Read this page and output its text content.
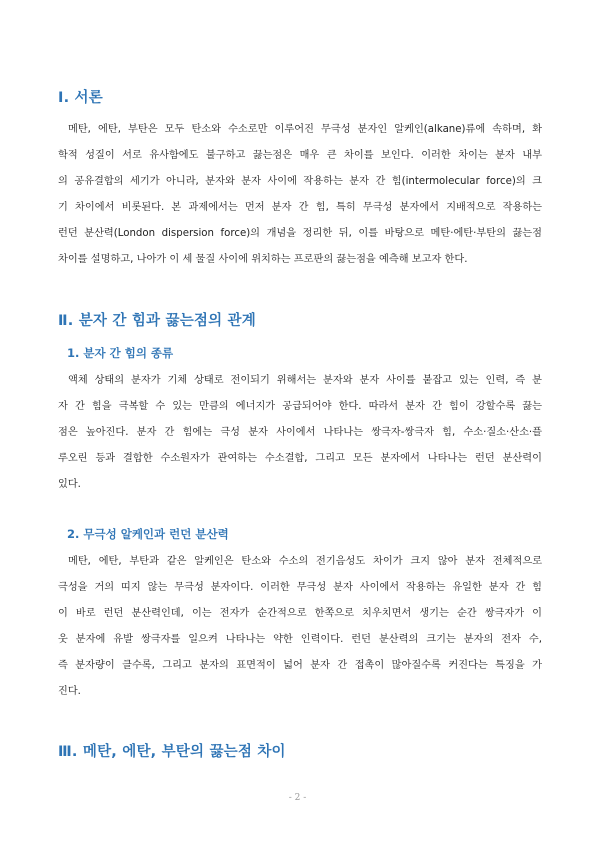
Ⅰ. 서론
메탄, 에탄, 부탄은 모두 탄소와 수소로만 이루어진 무극성 분자인 알케인(alkane)류에 속하며, 화
학적 성질이 서로 유사함에도 불구하고 끓는점은 매우 큰 차이를 보인다. 이러한 차이는 분자 내부
의 공유결합의 세기가 아니라, 분자와 분자 사이에 작용하는 분자 간 힘(intermolecular force)의 크
기 차이에서 비롯된다. 본 과제에서는 먼저 분자 간 힘, 특히 무극성 분자에서 지배적으로 작용하는
런던 분산력(London dispersion force)의 개념을 정리한 뒤, 이를 바탕으로 메탄·에탄·부탄의 끓는점
차이를 설명하고, 나아가 이 세 물질 사이에 위치하는 프로판의 끓는점을 예측해 보고자 한다.
Ⅱ. 분자 간 힘과 끓는점의 관계
1. 분자 간 힘의 종류
액체 상태의 분자가 기체 상태로 전이되기 위해서는 분자와 분자 사이를 붙잡고 있는 인력, 즉 분
자 간 힘을 극복할 수 있는 만큼의 에너지가 공급되어야 한다. 따라서 분자 간 힘이 강할수록 끓는
점은 높아진다. 분자 간 힘에는 극성 분자 사이에서 나타나는 쌍극자-쌍극자 힘, 수소·질소·산소·플
루오린 등과 결합한 수소원자가 관여하는 수소결합, 그리고 모든 분자에서 나타나는 런던 분산력이
있다.
2. 무극성 알케인과 런던 분산력
메탄, 에탄, 부탄과 같은 알케인은 탄소와 수소의 전기음성도 차이가 크지 않아 분자 전체적으로
극성을 거의 띠지 않는 무극성 분자이다. 이러한 무극성 분자 사이에서 작용하는 유일한 분자 간 힘
이 바로 런던 분산력인데, 이는 전자가 순간적으로 한쪽으로 치우치면서 생기는 순간 쌍극자가 이
웃 분자에 유발 쌍극자를 일으켜 나타나는 약한 인력이다. 런던 분산력의 크기는 분자의 전자 수,
즉 분자량이 클수록, 그리고 분자의 표면적이 넓어 분자 간 접촉이 많아질수록 커진다는 특징을 가
진다.
Ⅲ. 메탄, 에탄, 부탄의 끓는점 차이
- 2 -
